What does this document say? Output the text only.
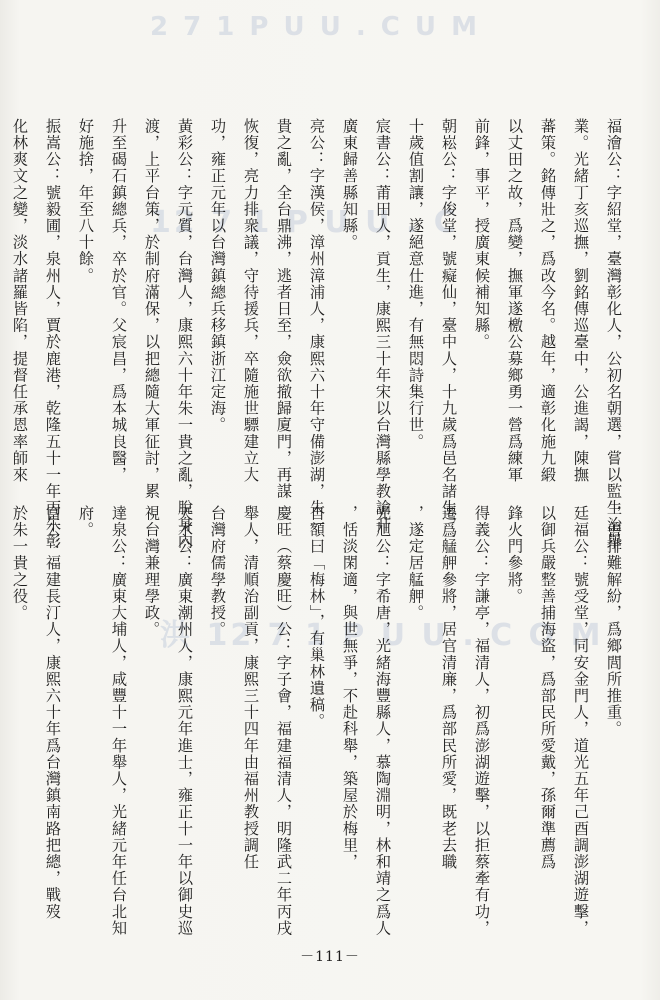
2 7 1 P U U . C U M
12 7 1 P U U . C
洪 12 7 1 P U U . C O M
福澮公：字紹堂，臺灣彰化人，公初名朝選，嘗以監生治舉
業。光緒丁亥巡撫，劉銘傳巡臺中，公進謁，陳撫
蕃策。銘傳壯之，爲改今名。越年，適彰化施九緞
以丈田之故，爲變，撫軍遂檄公募鄉勇一營爲練軍
前鋒，事平，授廣東候補知縣。
朝崧公：字俊堂，號癡仙，臺中人，十九歲爲邑名諸生，二
十歲值割讓，遂絕意仕進，有無悶詩集行世。
宸書公：莆田人，貢生，康熙三十年宋以台灣縣學教諭升
廣東歸善縣知縣。
亮公：字漢侯，漳州漳浦人，康熙六十年守備澎湖，朱一
貴之亂，全台鼎沸，逃者日至，僉欲撤歸廈門，再謀
恢復，亮力排衆議，守待援兵，卒隨施世驃建立大
功，雍正元年以台灣鎮總兵移鎮浙江定海。
黃彩公：字元質，台灣人，康熙六十年朱一貴之亂，脫身內
渡，上平台策，於制府滿保，以把總隨大軍征討，累
升至碣石鎮總兵，卒於官。父宸昌，爲本城良醫，
好施捨，年至八十餘。
振嵩公：號毅圃，泉州人，賈於鹿港，乾隆五十一年丙午彰
化林爽文之變，淡水諸羅皆陷，提督任承恩率師來
，善排難解紛，爲鄉閭所推重。
廷福公：號受堂，同安金門人，道光五年己酉調澎湖遊擊，
以御兵嚴整善捕海盜，爲部民所愛戴，孫爾準薦爲
鋒火門參將。
得義公：字謙亭，福清人，初爲澎湖遊擊，以拒蔡牽有功，
遷爲艋舺參將，居官清廉，爲部民所愛，既老去職
，遂定居艋舺。
光旭公：字希唐，光緒海豐縣人，慕陶淵明，林和靖之爲人
，恬淡閑適，與世無爭，不赴科舉，築屋於梅里，
自額曰「梅林」，有巢林遺稿。
慶旺（蔡慶旺）公：字子會，福建福清人，明隆武二年丙戌
舉人，清順治副貢，康熙三十四年由福州教授調任
台灣府儒學教授。
天木公：廣東潮州人，康熙元年進士，雍正十一年以御史巡
視台灣兼理學政。
達泉公：廣東大埔人，咸豐十一年舉人，光緒元年任台北知
府。
富公：福建長汀人，康熙六十年爲台灣鎮南路把總，戰歿
於朱一貴之役。
－111－
